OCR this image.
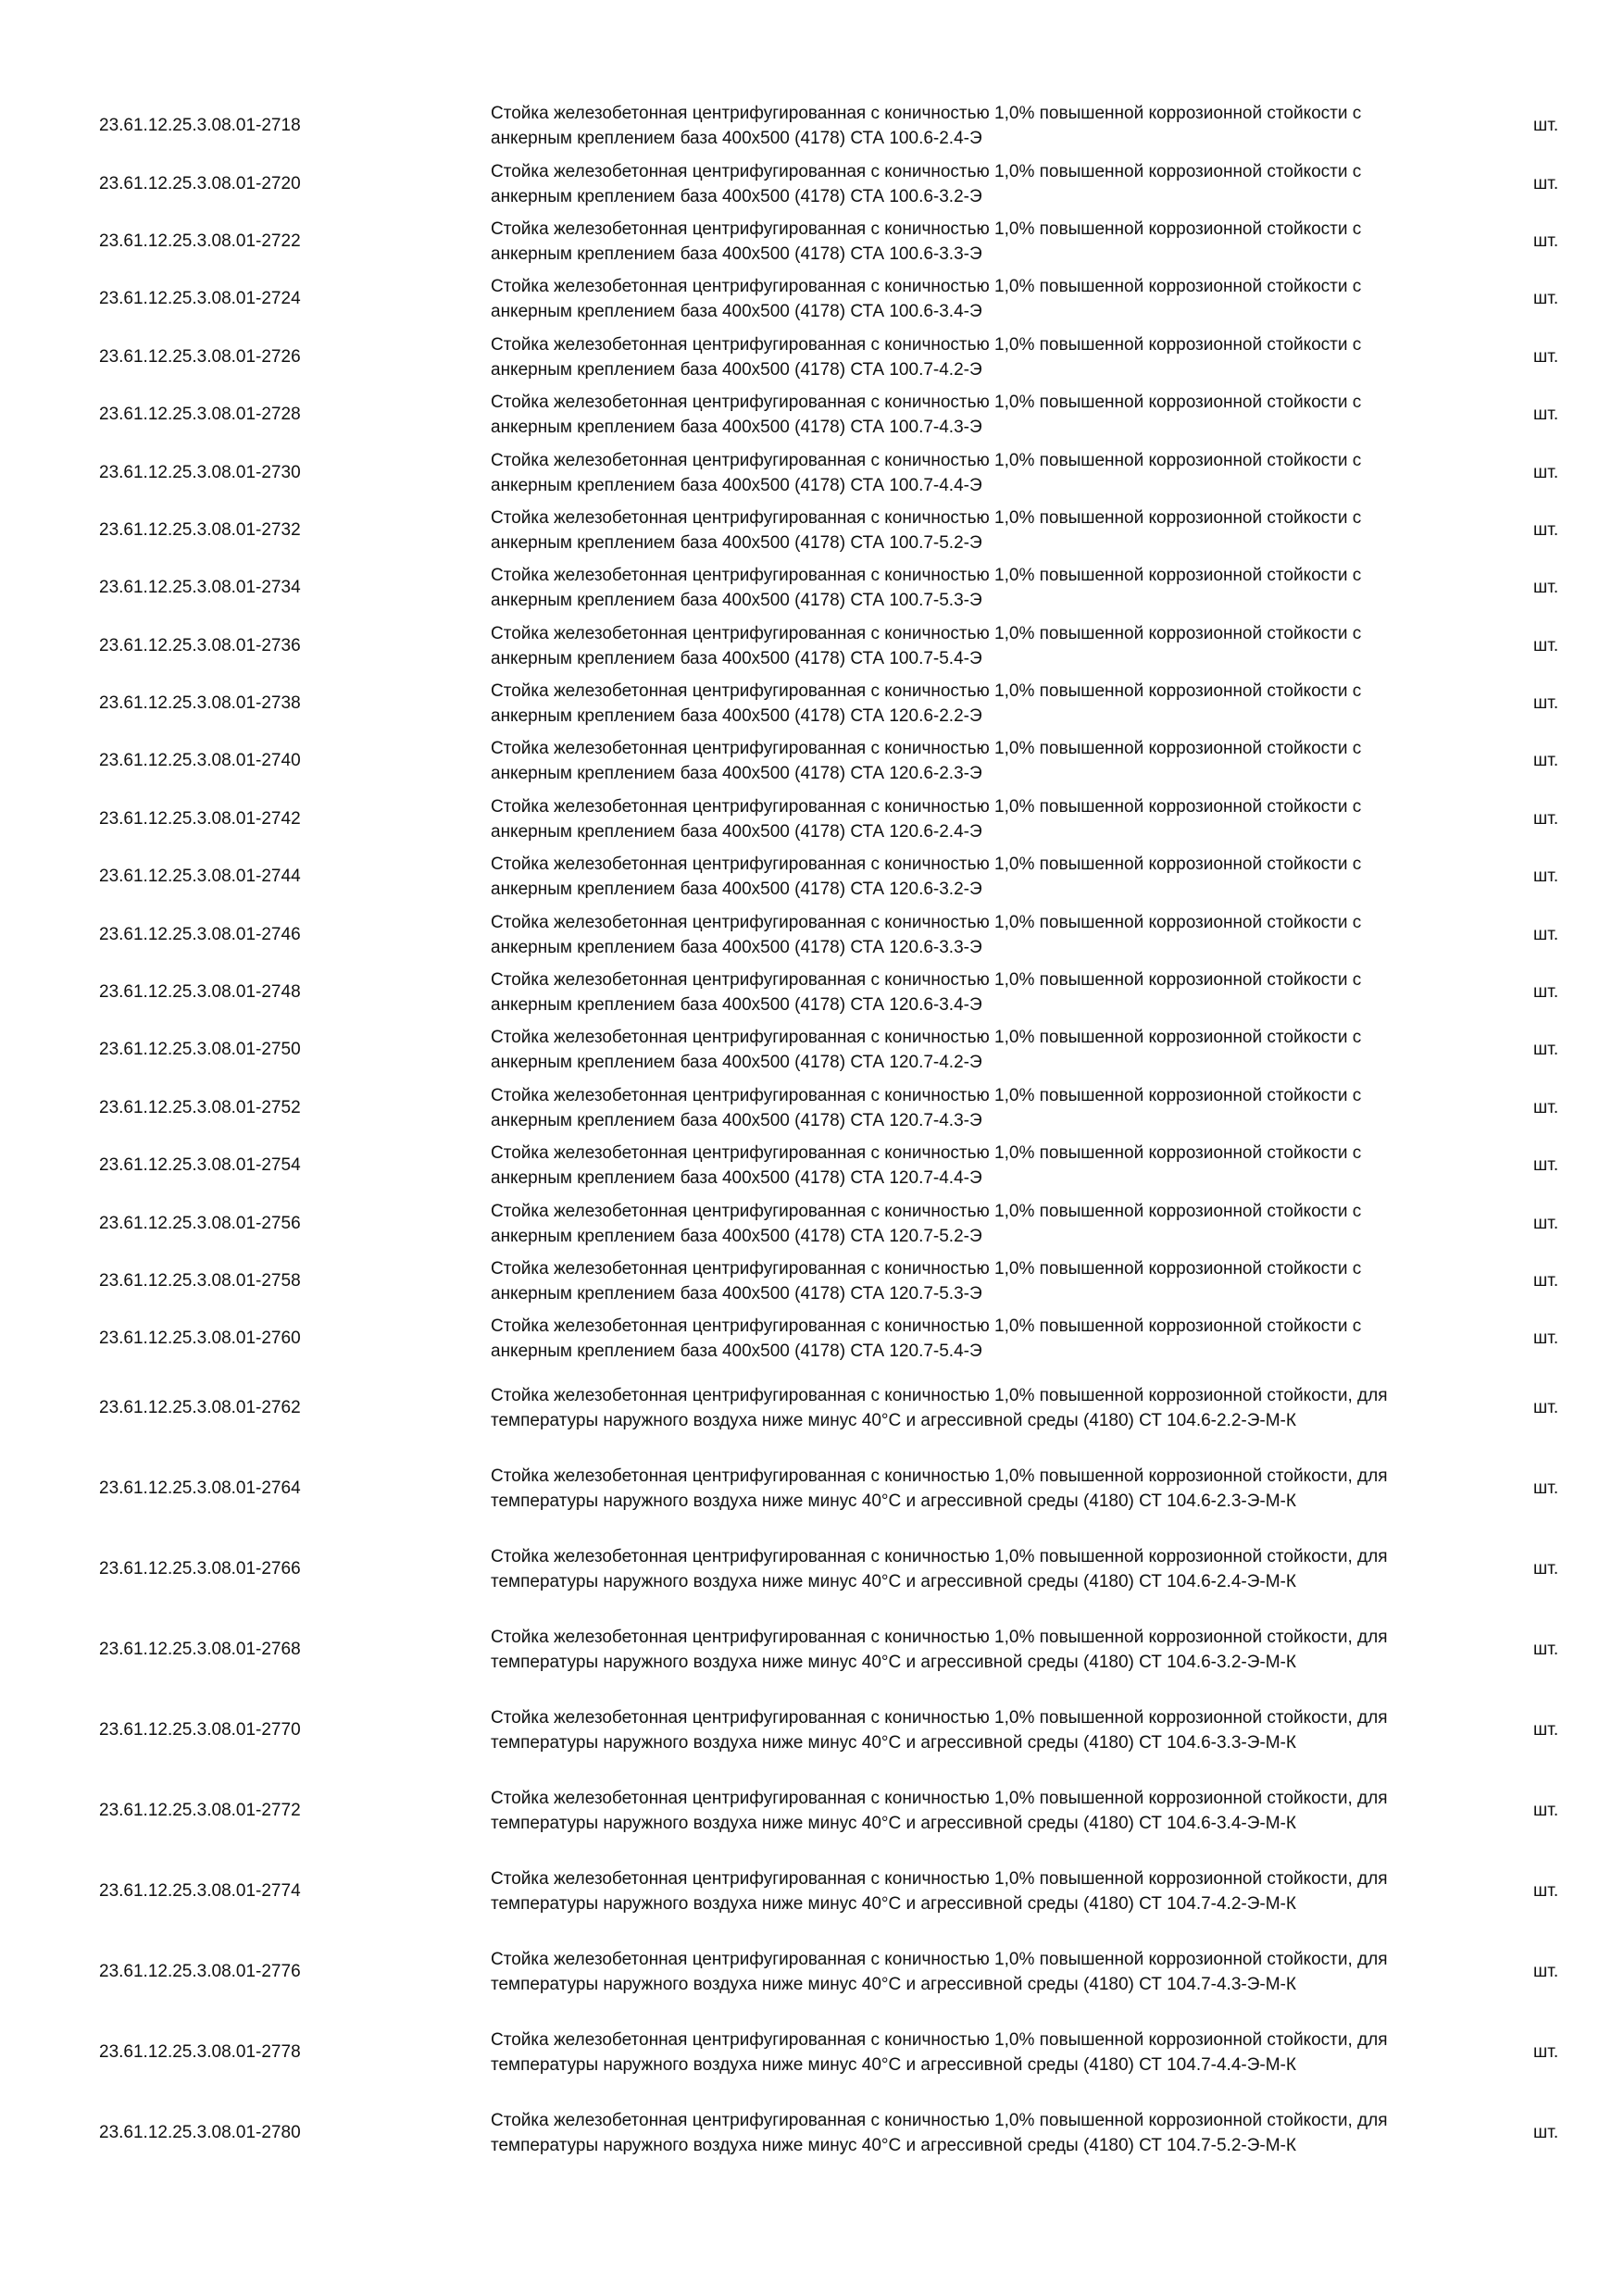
23.61.12.25.3.08.01-2718
Стойка железобетонная центрифугированная с коничностью 1,0% повышенной коррозионной стойкости с анкерным креплением база 400х500 (4178) СТА 100.6-2.4-Э
шт.
23.61.12.25.3.08.01-2720
Стойка железобетонная центрифугированная с коничностью 1,0% повышенной коррозионной стойкости с анкерным креплением база 400х500 (4178) СТА 100.6-3.2-Э
шт.
23.61.12.25.3.08.01-2722
Стойка железобетонная центрифугированная с коничностью 1,0% повышенной коррозионной стойкости с анкерным креплением база 400х500 (4178) СТА 100.6-3.3-Э
шт.
23.61.12.25.3.08.01-2724
Стойка железобетонная центрифугированная с коничностью 1,0% повышенной коррозионной стойкости с анкерным креплением база 400х500 (4178) СТА 100.6-3.4-Э
шт.
23.61.12.25.3.08.01-2726
Стойка железобетонная центрифугированная с коничностью 1,0% повышенной коррозионной стойкости с анкерным креплением база 400х500 (4178) СТА 100.7-4.2-Э
шт.
23.61.12.25.3.08.01-2728
Стойка железобетонная центрифугированная с коничностью 1,0% повышенной коррозионной стойкости с анкерным креплением база 400х500 (4178) СТА 100.7-4.3-Э
шт.
23.61.12.25.3.08.01-2730
Стойка железобетонная центрифугированная с коничностью 1,0% повышенной коррозионной стойкости с анкерным креплением база 400х500 (4178) СТА 100.7-4.4-Э
шт.
23.61.12.25.3.08.01-2732
Стойка железобетонная центрифугированная с коничностью 1,0% повышенной коррозионной стойкости с анкерным креплением база 400х500 (4178) СТА 100.7-5.2-Э
шт.
23.61.12.25.3.08.01-2734
Стойка железобетонная центрифугированная с коничностью 1,0% повышенной коррозионной стойкости с анкерным креплением база 400х500 (4178) СТА 100.7-5.3-Э
шт.
23.61.12.25.3.08.01-2736
Стойка железобетонная центрифугированная с коничностью 1,0% повышенной коррозионной стойкости с анкерным креплением база 400х500 (4178) СТА 100.7-5.4-Э
шт.
23.61.12.25.3.08.01-2738
Стойка железобетонная центрифугированная с коничностью 1,0% повышенной коррозионной стойкости с анкерным креплением база 400х500 (4178) СТА 120.6-2.2-Э
шт.
23.61.12.25.3.08.01-2740
Стойка железобетонная центрифугированная с коничностью 1,0% повышенной коррозионной стойкости с анкерным креплением база 400х500 (4178) СТА 120.6-2.3-Э
шт.
23.61.12.25.3.08.01-2742
Стойка железобетонная центрифугированная с коничностью 1,0% повышенной коррозионной стойкости с анкерным креплением база 400х500 (4178) СТА 120.6-2.4-Э
шт.
23.61.12.25.3.08.01-2744
Стойка железобетонная центрифугированная с коничностью 1,0% повышенной коррозионной стойкости с анкерным креплением база 400х500 (4178) СТА 120.6-3.2-Э
шт.
23.61.12.25.3.08.01-2746
Стойка железобетонная центрифугированная с коничностью 1,0% повышенной коррозионной стойкости с анкерным креплением база 400х500 (4178) СТА 120.6-3.3-Э
шт.
23.61.12.25.3.08.01-2748
Стойка железобетонная центрифугированная с коничностью 1,0% повышенной коррозионной стойкости с анкерным креплением база 400х500 (4178) СТА 120.6-3.4-Э
шт.
23.61.12.25.3.08.01-2750
Стойка железобетонная центрифугированная с коничностью 1,0% повышенной коррозионной стойкости с анкерным креплением база 400х500 (4178) СТА 120.7-4.2-Э
шт.
23.61.12.25.3.08.01-2752
Стойка железобетонная центрифугированная с коничностью 1,0% повышенной коррозионной стойкости с анкерным креплением база 400х500 (4178) СТА 120.7-4.3-Э
шт.
23.61.12.25.3.08.01-2754
Стойка железобетонная центрифугированная с коничностью 1,0% повышенной коррозионной стойкости с анкерным креплением база 400х500 (4178) СТА 120.7-4.4-Э
шт.
23.61.12.25.3.08.01-2756
Стойка железобетонная центрифугированная с коничностью 1,0% повышенной коррозионной стойкости с анкерным креплением база 400х500 (4178) СТА 120.7-5.2-Э
шт.
23.61.12.25.3.08.01-2758
Стойка железобетонная центрифугированная с коничностью 1,0% повышенной коррозионной стойкости с анкерным креплением база 400х500 (4178) СТА 120.7-5.3-Э
шт.
23.61.12.25.3.08.01-2760
Стойка железобетонная центрифугированная с коничностью 1,0% повышенной коррозионной стойкости с анкерным креплением база 400х500 (4178) СТА 120.7-5.4-Э
шт.
23.61.12.25.3.08.01-2762
Стойка железобетонная центрифугированная с коничностью 1,0% повышенной коррозионной стойкости, для температуры наружного воздуха ниже минус 40°С и агрессивной среды (4180) СТ 104.6-2.2-Э-М-К
шт.
23.61.12.25.3.08.01-2764
Стойка железобетонная центрифугированная с коничностью 1,0% повышенной коррозионной стойкости, для температуры наружного воздуха ниже минус 40°С и агрессивной среды (4180) СТ 104.6-2.3-Э-М-К
шт.
23.61.12.25.3.08.01-2766
Стойка железобетонная центрифугированная с коничностью 1,0% повышенной коррозионной стойкости, для температуры наружного воздуха ниже минус 40°С и агрессивной среды (4180) СТ 104.6-2.4-Э-М-К
шт.
23.61.12.25.3.08.01-2768
Стойка железобетонная центрифугированная с коничностью 1,0% повышенной коррозионной стойкости, для температуры наружного воздуха ниже минус 40°С и агрессивной среды (4180) СТ 104.6-3.2-Э-М-К
шт.
23.61.12.25.3.08.01-2770
Стойка железобетонная центрифугированная с коничностью 1,0% повышенной коррозионной стойкости, для температуры наружного воздуха ниже минус 40°С и агрессивной среды (4180) СТ 104.6-3.3-Э-М-К
шт.
23.61.12.25.3.08.01-2772
Стойка железобетонная центрифугированная с коничностью 1,0% повышенной коррозионной стойкости, для температуры наружного воздуха ниже минус 40°С и агрессивной среды (4180) СТ 104.6-3.4-Э-М-К
шт.
23.61.12.25.3.08.01-2774
Стойка железобетонная центрифугированная с коничностью 1,0% повышенной коррозионной стойкости, для температуры наружного воздуха ниже минус 40°С и агрессивной среды (4180) СТ 104.7-4.2-Э-М-К
шт.
23.61.12.25.3.08.01-2776
Стойка железобетонная центрифугированная с коничностью 1,0% повышенной коррозионной стойкости, для температуры наружного воздуха ниже минус 40°С и агрессивной среды (4180) СТ 104.7-4.3-Э-М-К
шт.
23.61.12.25.3.08.01-2778
Стойка железобетонная центрифугированная с коничностью 1,0% повышенной коррозионной стойкости, для температуры наружного воздуха ниже минус 40°С и агрессивной среды (4180) СТ 104.7-4.4-Э-М-К
шт.
23.61.12.25.3.08.01-2780
Стойка железобетонная центрифугированная с коничностью 1,0% повышенной коррозионной стойкости, для температуры наружного воздуха ниже минус 40°С и агрессивной среды (4180) СТ 104.7-5.2-Э-М-К
шт.
